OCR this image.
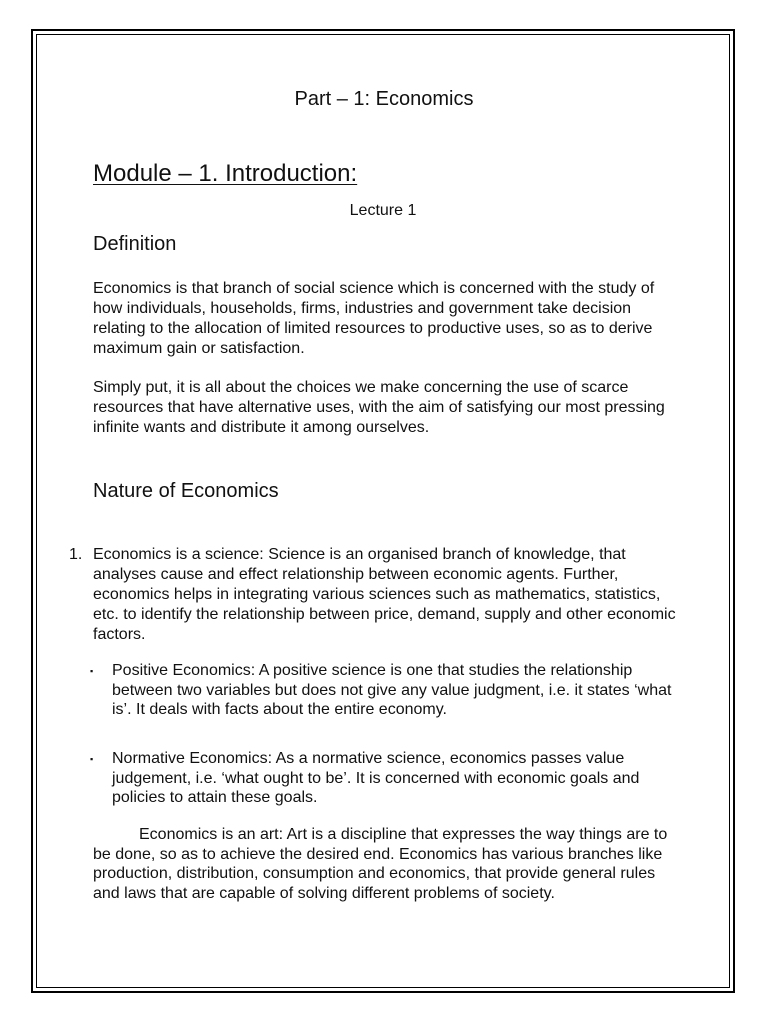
Part – 1: Economics
Module – 1. Introduction:
Lecture 1
Definition

Economics is that branch of social science which is concerned with the study of how individuals, households, firms, industries and government take decision relating to the allocation of limited resources to productive uses, so as to derive maximum gain or satisfaction.

Simply put, it is all about the choices we make concerning the use of scarce resources that have alternative uses, with the aim of satisfying our most pressing infinite wants and distribute it among ourselves.

Nature of Economics
1. Economics is a science: Science is an organised branch of knowledge, that analyses cause and effect relationship between economic agents. Further, economics helps in integrating various sciences such as mathematics, statistics, etc. to identify the relationship between price, demand, supply and other economic factors.

▪ Positive Economics: A positive science is one that studies the relationship between two variables but does not give any value judgment, i.e. it states ‘what is’. It deals with facts about the entire economy.

▪ Normative Economics: As a normative science, economics passes value judgement, i.e. ‘what ought to be’. It is concerned with economic goals and policies to attain these goals.

Economics is an art: Art is a discipline that expresses the way things are to be done, so as to achieve the desired end. Economics has various branches like production, distribution, consumption and economics, that provide general rules and laws that are capable of solving different problems of society.
